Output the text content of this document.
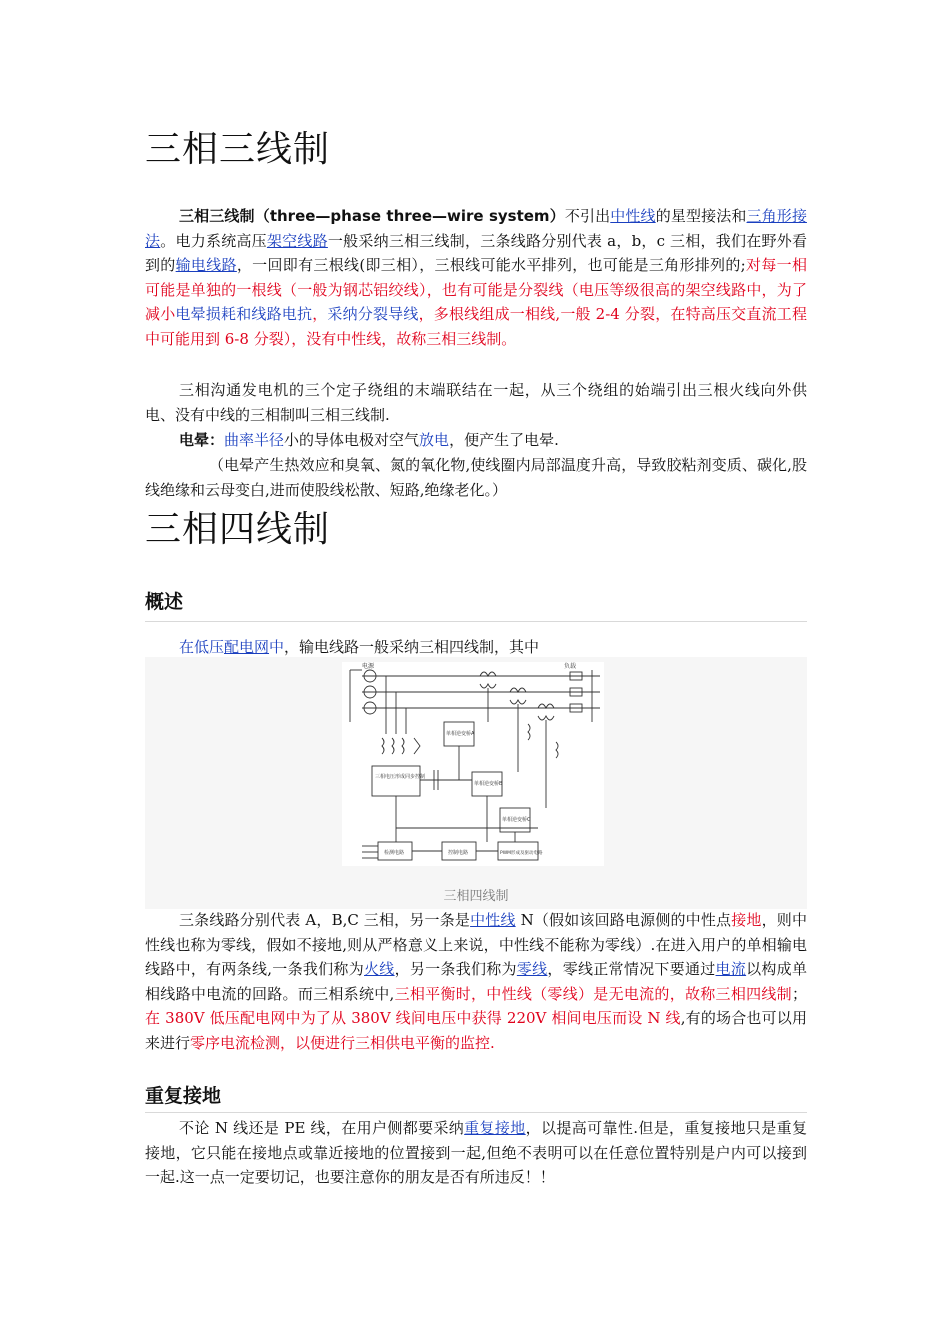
三相三线制

三相三线制（three—phase three—wire system）不引出中性线的星型接法和三角形接法。电力系统高压架空线路一般采纳三相三线制，三条线路分别代表 a，b，c 三相，我们在野外看到的输电线路，一回即有三根线(即三相），三根线可能水平排列，也可能是三角形排列的;对每一相可能是单独的一根线（一般为钢芯铝绞线），也有可能是分裂线（电压等级很高的架空线路中，为了减小电晕损耗和线路电抗，采纳分裂导线，多根线组成一相线,一般 2-4 分裂，在特高压交直流工程中可能用到 6-8 分裂），没有中性线，故称三相三线制。

三相沟通发电机的三个定子绕组的末端联结在一起，从三个绕组的始端引出三根火线向外供电、没有中线的三相制叫三相三线制.

电晕：曲率半径小的导体电极对空气放电，便产生了电晕.

（电晕产生热效应和臭氧、氮的氧化物,使线圈内局部温度升高，导致胶粘剂变质、碳化,股线绝缘和云母变白,进而使股线松散、短路,绝缘老化。）

三相四线制
概述

在低压配电网中，输电线路一般采纳三相四线制，其中

电源	负载
三相电压形成同步控制
单相逆变桥A
单相逆变桥B
单相逆变桥C
检测电路	控制电路	PWM形成及驱动电路
三相四线制

三条线路分别代表 A，B,C 三相，另一条是中性线 N（假如该回路电源侧的中性点接地，则中性线也称为零线，假如不接地,则从严格意义上来说，中性线不能称为零线）.在进入用户的单相输电线路中，有两条线,一条我们称为火线，另一条我们称为零线，零线正常情况下要通过电流以构成单相线路中电流的回路。而三相系统中,三相平衡时，中性线（零线）是无电流的，故称三相四线制；在 380V 低压配电网中为了从 380V 线间电压中获得 220V 相间电压而设 N 线,有的场合也可以用来进行零序电流检测，以便进行三相供电平衡的监控.

重复接地

不论 N 线还是 PE 线，在用户侧都要采纳重复接地，以提高可靠性.但是，重复接地只是重复接地，它只能在接地点或靠近接地的位置接到一起,但绝不表明可以在任意位置特别是户内可以接到一起.这一点一定要切记，也要注意你的朋友是否有所违反！！
